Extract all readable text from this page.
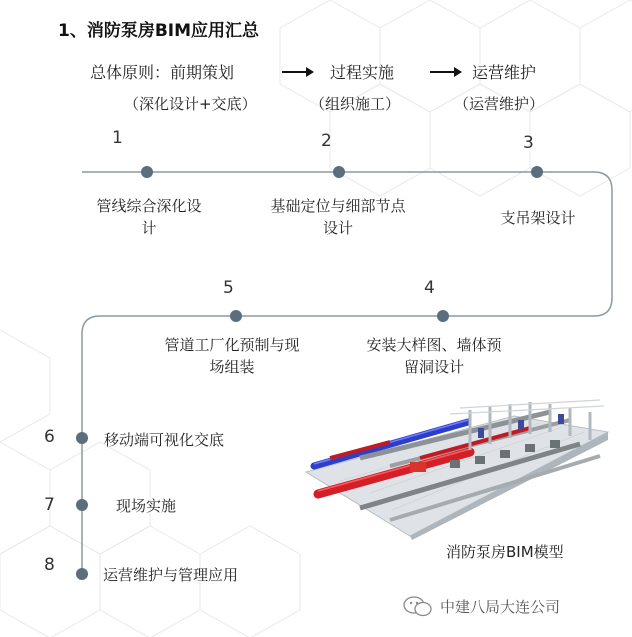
1、消防泵房BIM应用汇总
总体原则：前期策划	过程实施	运营维护
（深化设计+交底）	（组织施工）	（运营维护）
1	2	3
4
5
6
7
8
管线综合深化设计
基础定位与细部节点设计
支吊架设计
安装大样图、墙体预留洞设计
管道工厂化预制与现场组装
移动端可视化交底
现场实施
运营维护与管理应用
消防泵房BIM模型
中建八局大连公司
